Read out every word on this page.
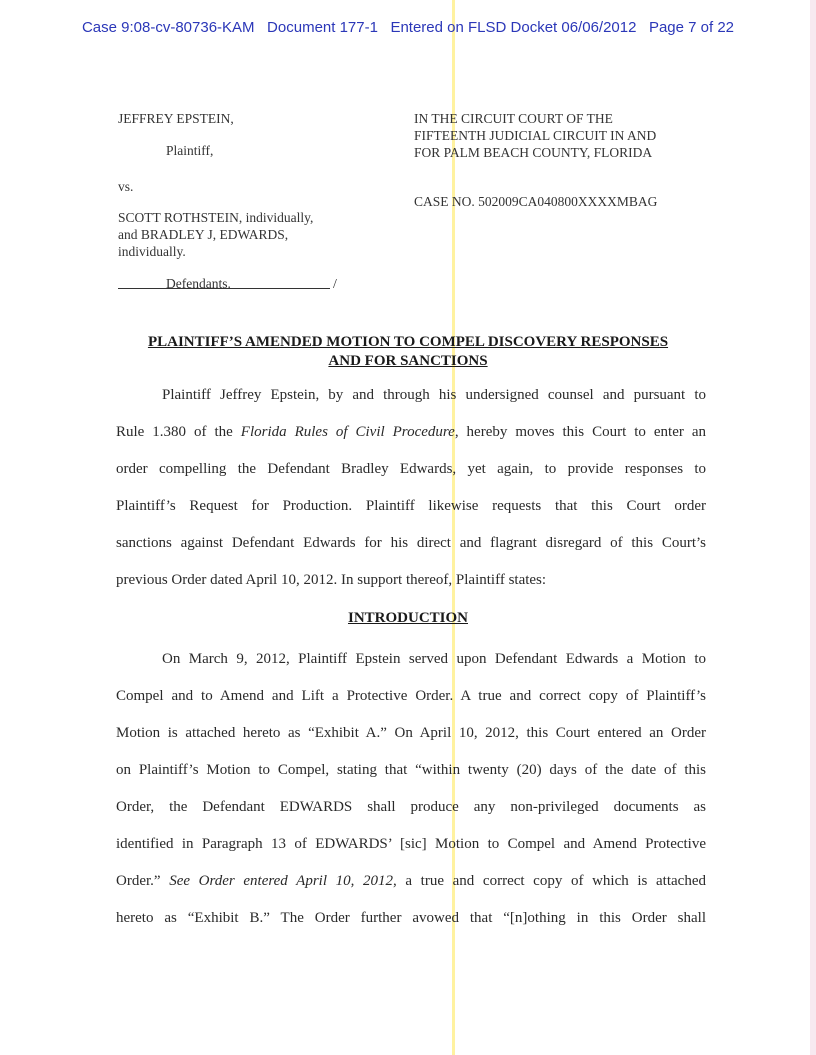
Case 9:08-cv-80736-KAM   Document 177-1   Entered on FLSD Docket 06/06/2012   Page 7 of 22
JEFFREY EPSTEIN,
Plaintiff,
vs.
SCOTT ROTHSTEIN, individually,
and BRADLEY J, EDWARDS,
individually.
Defendants.	/
IN THE CIRCUIT COURT OF THE
FIFTEENTH JUDICIAL CIRCUIT IN AND
FOR PALM BEACH COUNTY, FLORIDA
CASE NO. 502009CA040800XXXXMBAG
PLAINTIFF’S AMENDED MOTION TO COMPEL DISCOVERY RESPONSES
AND FOR SANCTIONS
Plaintiff Jeffrey Epstein, by and through his undersigned counsel and pursuant to
Rule 1.380 of the Florida Rules of Civil Procedure, hereby moves this Court to enter an
order compelling the Defendant Bradley Edwards, yet again, to provide responses to
Plaintiff’s Request for Production. Plaintiff likewise requests that this Court order
sanctions against Defendant Edwards for his direct and flagrant disregard of this Court’s
previous Order dated April 10, 2012. In support thereof, Plaintiff states:
INTRODUCTION
On March 9, 2012, Plaintiff Epstein served upon Defendant Edwards a Motion to
Compel and to Amend and Lift a Protective Order. A true and correct copy of Plaintiff’s
Motion is attached hereto as “Exhibit A.” On April 10, 2012, this Court entered an Order
on Plaintiff’s Motion to Compel, stating that “within twenty (20) days of the date of this
Order, the Defendant EDWARDS shall produce any non-privileged documents as
identified in Paragraph 13 of EDWARDS’ [sic] Motion to Compel and Amend Protective
Order.” See Order entered April 10, 2012, a true and correct copy of which is attached
hereto as “Exhibit B.” The Order further avowed that “[n]othing in this Order shall
